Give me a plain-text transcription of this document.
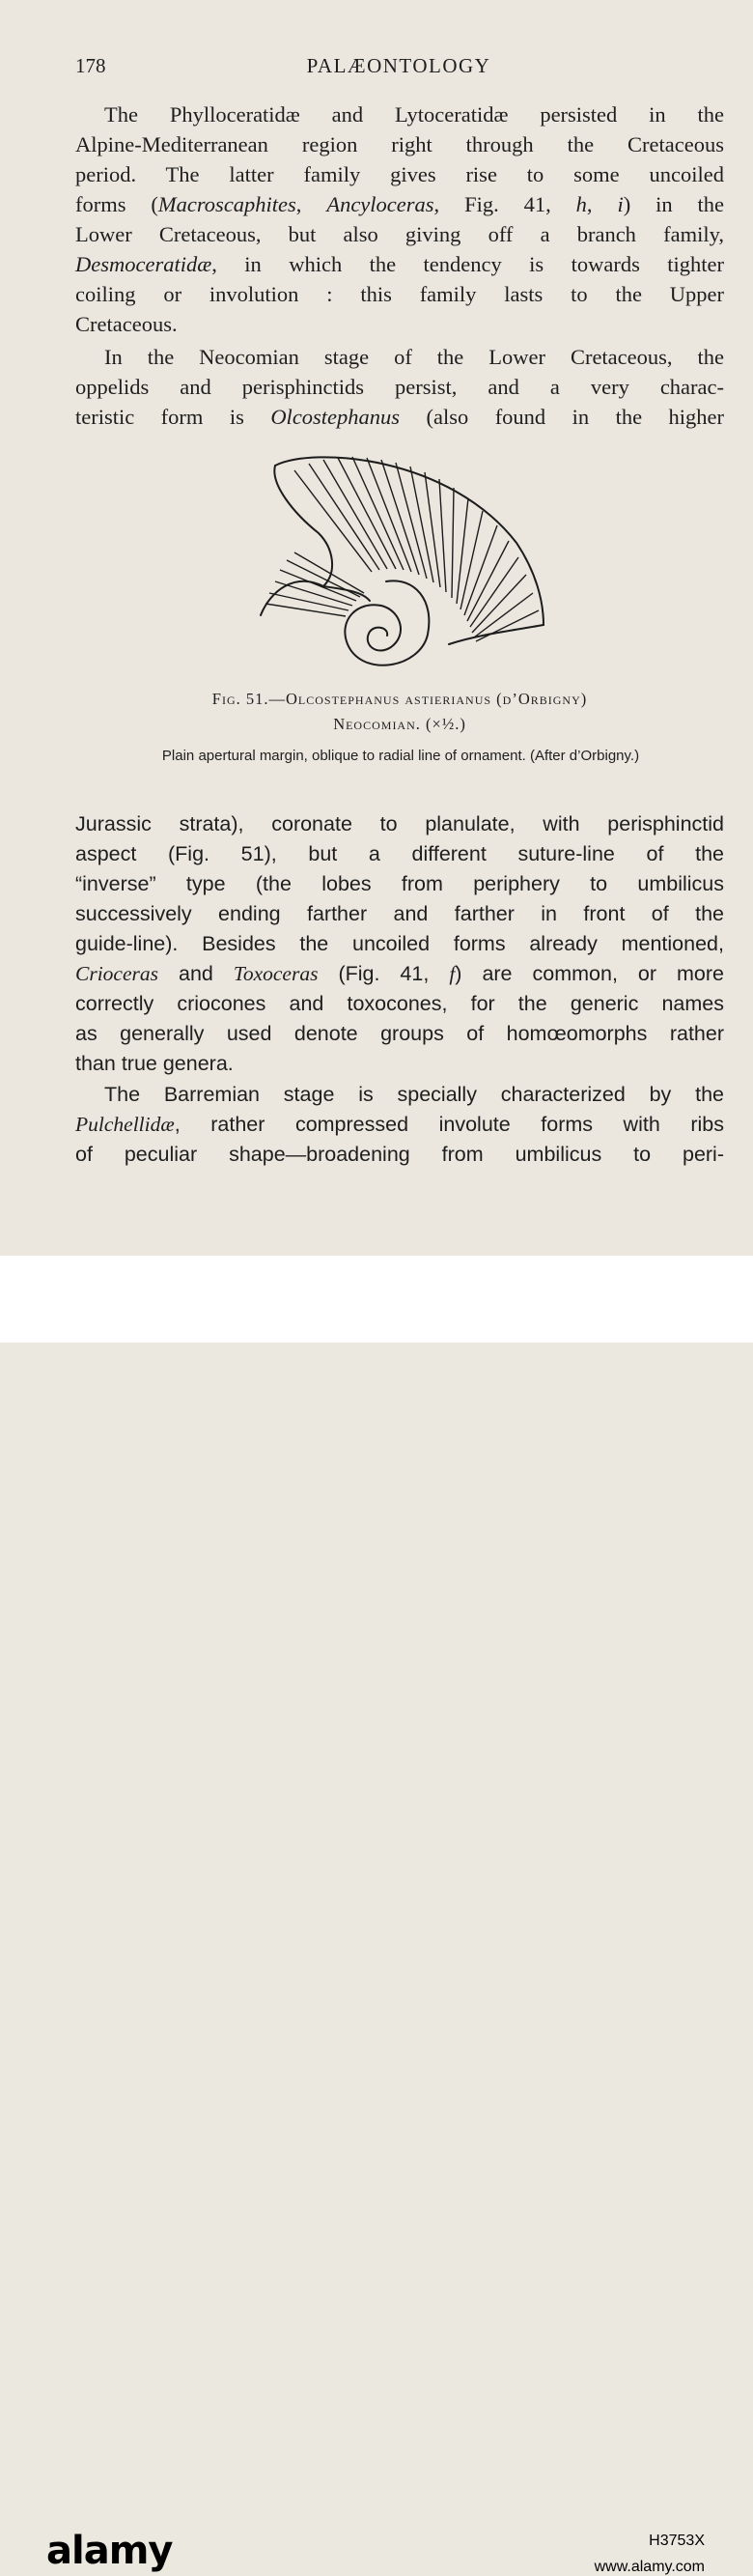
178	PALÆONTOLOGY
The Phylloceratidæ and Lytoceratidæ persisted in the
Alpine-Mediterranean region right through the Cretaceous
period. The latter family gives rise to some uncoiled
forms (Macroscaphites, Ancyloceras, Fig. 41, h, i) in the
Lower Cretaceous, but also giving off a branch family,
Desmoceratidæ, in which the tendency is towards tighter
coiling or involution : this family lasts to the Upper
Cretaceous.
In the Neocomian stage of the Lower Cretaceous, the
oppelids and perisphinctids persist, and a very charac-
teristic form is Olcostephanus (also found in the higher
Fig. 51.—Olcostephanus astierianus (d’Orbigny)
Neocomian. (×½.)
Plain apertural margin, oblique to radial line of ornament. (After d’Orbigny.)
Jurassic strata), coronate to planulate, with perisphinctid
aspect (Fig. 51), but a different suture-line of the
“inverse” type (the lobes from periphery to umbilicus
successively ending farther and farther in front of the
guide-line). Besides the uncoiled forms already mentioned,
Crioceras and Toxoceras (Fig. 41, f) are common, or more
correctly criocones and toxocones, for the generic names
as generally used denote groups of homœomorphs rather
than true genera.
The Barremian stage is specially characterized by the
Pulchellidæ, rather compressed involute forms with ribs
of peculiar shape—broadening from umbilicus to peri-
alamy	H3753X
www.alamy.com
